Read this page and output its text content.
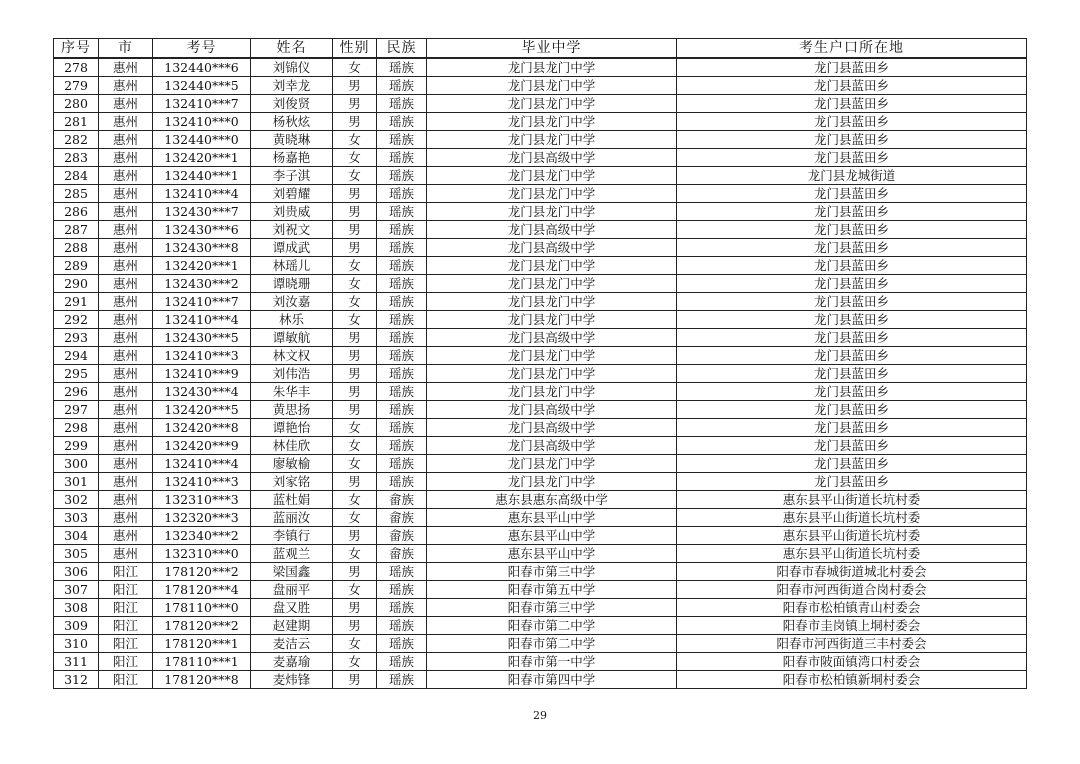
序号	市	考号	姓名	性别	民族	毕业中学	考生户口所在地
278	惠州	132440***6	刘锦仪	女	瑶族	龙门县龙门中学	龙门县蓝田乡
279	惠州	132440***5	刘幸龙	男	瑶族	龙门县龙门中学	龙门县蓝田乡
280	惠州	132410***7	刘俊贤	男	瑶族	龙门县龙门中学	龙门县蓝田乡
281	惠州	132410***0	杨秋炫	男	瑶族	龙门县龙门中学	龙门县蓝田乡
282	惠州	132440***0	黄晓琳	女	瑶族	龙门县龙门中学	龙门县蓝田乡
283	惠州	132420***1	杨嘉艳	女	瑶族	龙门县高级中学	龙门县蓝田乡
284	惠州	132440***1	李子淇	女	瑶族	龙门县龙门中学	龙门县龙城街道
285	惠州	132410***4	刘碧耀	男	瑶族	龙门县龙门中学	龙门县蓝田乡
286	惠州	132430***7	刘贵威	男	瑶族	龙门县龙门中学	龙门县蓝田乡
287	惠州	132430***6	刘祝文	男	瑶族	龙门县高级中学	龙门县蓝田乡
288	惠州	132430***8	谭成武	男	瑶族	龙门县高级中学	龙门县蓝田乡
289	惠州	132420***1	林瑶儿	女	瑶族	龙门县龙门中学	龙门县蓝田乡
290	惠州	132430***2	谭晓珊	女	瑶族	龙门县龙门中学	龙门县蓝田乡
291	惠州	132410***7	刘汝嘉	女	瑶族	龙门县龙门中学	龙门县蓝田乡
292	惠州	132410***4	林乐	女	瑶族	龙门县龙门中学	龙门县蓝田乡
293	惠州	132430***5	谭敏航	男	瑶族	龙门县高级中学	龙门县蓝田乡
294	惠州	132410***3	林文权	男	瑶族	龙门县龙门中学	龙门县蓝田乡
295	惠州	132410***9	刘伟浩	男	瑶族	龙门县龙门中学	龙门县蓝田乡
296	惠州	132430***4	朱华丰	男	瑶族	龙门县龙门中学	龙门县蓝田乡
297	惠州	132420***5	黄思扬	男	瑶族	龙门县高级中学	龙门县蓝田乡
298	惠州	132420***8	谭艳怡	女	瑶族	龙门县高级中学	龙门县蓝田乡
299	惠州	132420***9	林佳欣	女	瑶族	龙门县高级中学	龙门县蓝田乡
300	惠州	132410***4	廖敏榆	女	瑶族	龙门县龙门中学	龙门县蓝田乡
301	惠州	132410***3	刘家铭	男	瑶族	龙门县龙门中学	龙门县蓝田乡
302	惠州	132310***3	蓝杜娟	女	畲族	惠东县惠东高级中学	惠东县平山街道长坑村委
303	惠州	132320***3	蓝丽汝	女	畲族	惠东县平山中学	惠东县平山街道长坑村委
304	惠州	132340***2	李镇行	男	畲族	惠东县平山中学	惠东县平山街道长坑村委
305	惠州	132310***0	蓝观兰	女	畲族	惠东县平山中学	惠东县平山街道长坑村委
306	阳江	178120***2	梁国鑫	男	瑶族	阳春市第三中学	阳春市春城街道城北村委会
307	阳江	178120***4	盘丽平	女	瑶族	阳春市第五中学	阳春市河西街道合岗村委会
308	阳江	178110***0	盘又胜	男	瑶族	阳春市第三中学	阳春市松柏镇青山村委会
309	阳江	178120***2	赵建期	男	瑶族	阳春市第二中学	阳春市圭岗镇上垌村委会
310	阳江	178120***1	麦洁云	女	瑶族	阳春市第二中学	阳春市河西街道三丰村委会
311	阳江	178110***1	麦嘉瑜	女	瑶族	阳春市第一中学	阳春市陂面镇湾口村委会
312	阳江	178120***8	麦炜锋	男	瑶族	阳春市第四中学	阳春市松柏镇新垌村委会
29
